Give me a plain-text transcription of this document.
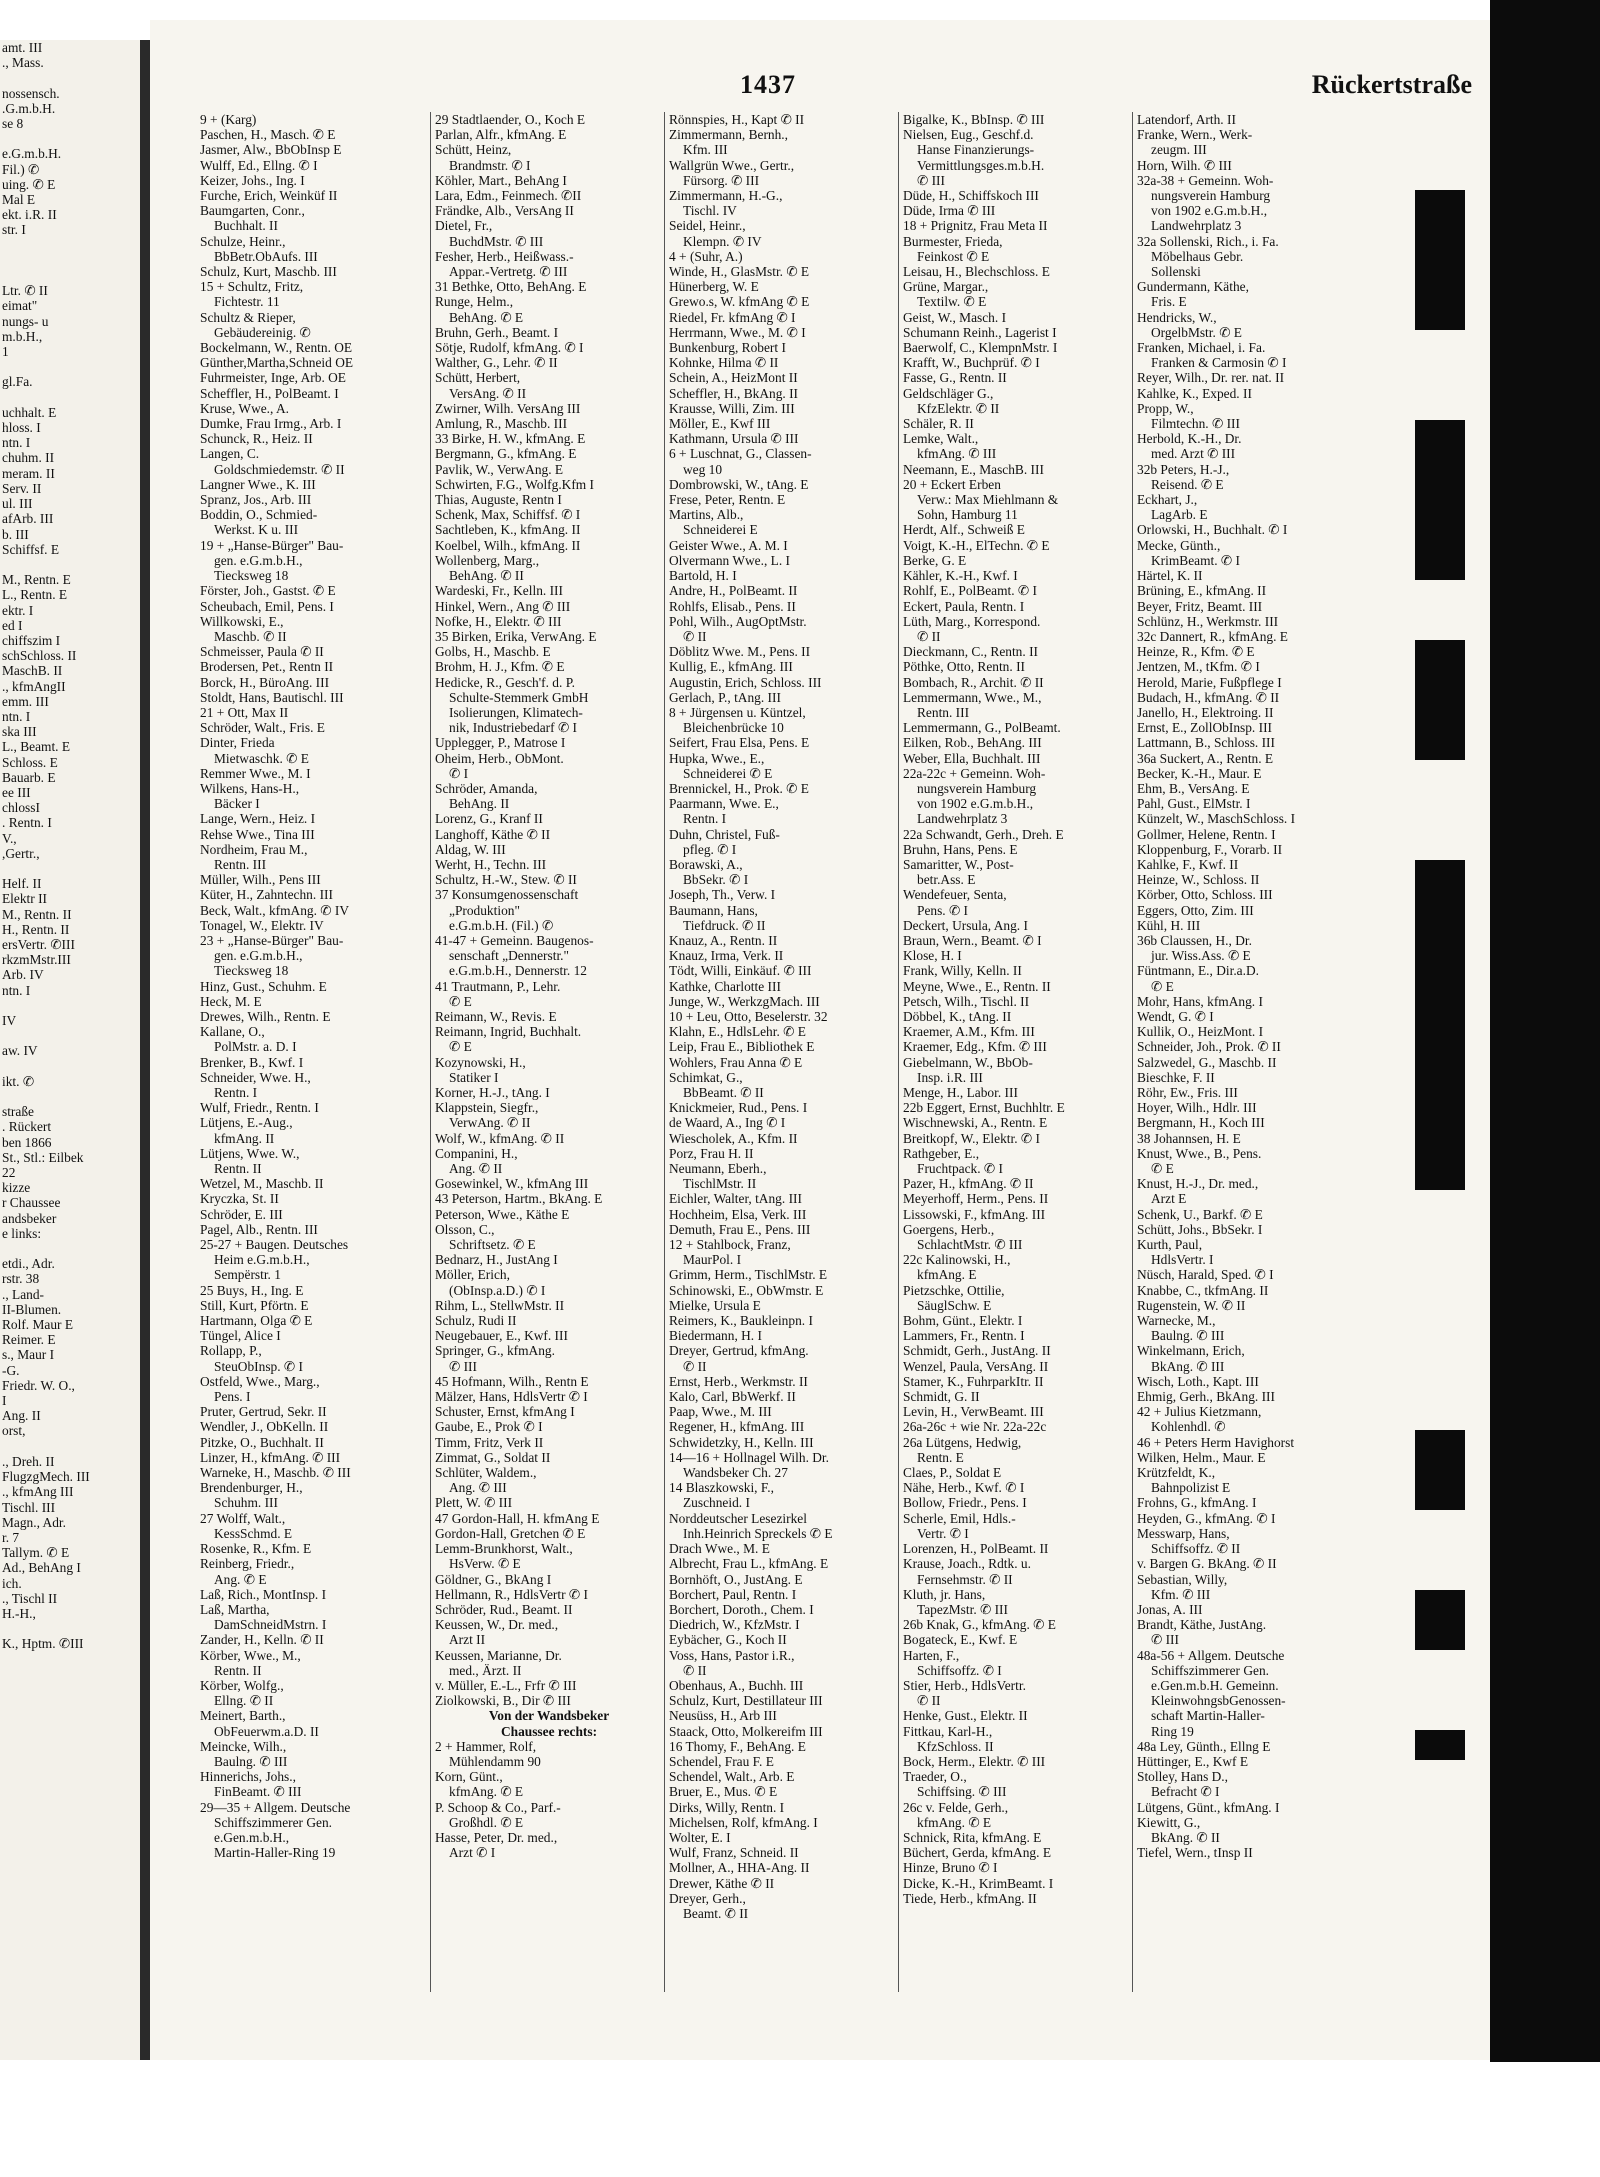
amt. III
., Mass.

nossensch.
.G.m.b.H.
se 8

e.G.m.b.H.
Fil.) ✆
uing. ✆ E
Mal E
ekt. i.R. II
str. I

Ltr. ✆ II
eimat"
nungs- u
m.b.H.,
1

gl.Fa.

uchhalt. E
hloss. I
ntn. I
chuhm. II
meram. II
Serv. II
ul. III
afArb. III
b. III
Schiffsf. E

M., Rentn. E
L., Rentn. E
ektr. I
ed I
chiffszim I
schSchloss. II
MaschB. II
., kfmAngII
emm. III
ntn. I
ska III
L., Beamt. E
Schloss. E
Bauarb. E
ee III
chlossI
. Rentn. I
V.,
,Gertr.,

Helf. II
Elektr II
M., Rentn. II
H., Rentn. II
ersVertr. ✆III
rkzmMstr.III
Arb. IV
ntn. I

IV

aw. IV

ikt. ✆

straße
. Rückert
ben 1866
St., Stl.: Eilbek
22
kizze
r Chaussee
andsbeker
e links:

etdi., Adr.
rstr. 38
., Land-
II-Blumen.
Rolf. Maur E
Reimer. E
s., Maur I
-G.
Friedr. W. O.,
I
Ang. II
orst,

., Dreh. II
FlugzgMech. III
., kfmAng III
Tischl. III
Magn., Adr.
r. 7
Tallym. ✆ E
Ad., BehAng I
ich.
., Tischl II
H.-H.,

K., Hptm. ✆III
1437	Rückertstraße
9 + (Karg)
Paschen, H., Masch. ✆ E
Jasmer, Alw., BbObInsp E
Wulff, Ed., Ellng. ✆ I
Keizer, Johs., Ing. I
Furche, Erich, Weinküf II
Baumgarten, Conr.,
Buchhalt. II
Schulze, Heinr.,
BbBetr.ObAufs. III
Schulz, Kurt, Maschb. III
15 + Schultz, Fritz,
Fichtestr. 11
Schultz & Rieper,
Gebäudereinig. ✆
Bockelmann, W., Rentn. OE
Günther,Martha,Schneid OE
Fuhrmeister, Inge, Arb. OE
Scheffler, H., PolBeamt. I
Kruse, Wwe., A.
Dumke, Frau Irmg., Arb. I
Schunck, R., Heiz. II
Langen, C.
Goldschmiedemstr. ✆ II
Langner Wwe., K. III
Spranz, Jos., Arb. III
Boddin, O., Schmied-
Werkst. K u. III
19 + „Hanse-Bürger" Bau-
gen. e.G.m.b.H.,
Tiecksweg 18
Förster, Joh., Gastst. ✆ E
Scheubach, Emil, Pens. I
Willkowski, E.,
Maschb. ✆ II
Schmeisser, Paula ✆ II
Brodersen, Pet., Rentn II
Borck, H., BüroAng. III
Stoldt, Hans, Bautischl. III
21 + Ott, Max II
Schröder, Walt., Fris. E
Dinter, Frieda
Mietwaschk. ✆ E
Remmer Wwe., M. I
Wilkens, Hans-H.,
Bäcker I
Lange, Wern., Heiz. I
Rehse Wwe., Tina III
Nordheim, Frau M.,
Rentn. III
Müller, Wilh., Pens III
Küter, H., Zahntechn. III
Beck, Walt., kfmAng. ✆ IV
Tonagel, W., Elektr. IV
23 + „Hanse-Bürger" Bau-
gen. e.G.m.b.H.,
Tiecksweg 18
Hinz, Gust., Schuhm. E
Heck, M. E
Drewes, Wilh., Rentn. E
Kallane, O.,
PolMstr. a. D. I
Brenker, B., Kwf. I
Schneider, Wwe. H.,
Rentn. I
Wulf, Friedr., Rentn. I
Lütjens, E.-Aug.,
kfmAng. II
Lütjens, Wwe. W.,
Rentn. II
Wetzel, M., Maschb. II
Kryczka, St. II
Schröder, E. III
Pagel, Alb., Rentn. III
25-27 + Baugen. Deutsches
Heim e.G.m.b.H.,
Sempërstr. 1
25 Buys, H., Ing. E
Still, Kurt, Pförtn. E
Hartmann, Olga ✆ E
Tüngel, Alice I
Rollapp, P.,
SteuObInsp. ✆ I
Ostfeld, Wwe., Marg.,
Pens. I
Pruter, Gertrud, Sekr. II
Wendler, J., ObKelln. II
Pitzke, O., Buchhalt. II
Linzer, H., kfmAng. ✆ III
Warneke, H., Maschb. ✆ III
Brendenburger, H.,
Schuhm. III
27 Wolff, Walt.,
KessSchmd. E
Rosenke, R., Kfm. E
Reinberg, Friedr.,
Ang. ✆ E
Laß, Rich., MontInsp. I
Laß, Martha,
DamSchneidMstrn. I
Zander, H., Kelln. ✆ II
Körber, Wwe., M.,
Rentn. II
Körber, Wolfg.,
Ellng. ✆ II
Meinert, Barth.,
ObFeuerwm.a.D. II
Meincke, Wilh.,
Baulng. ✆ III
Hinnerichs, Johs.,
FinBeamt. ✆ III
29—35 + Allgem. Deutsche
Schiffszimmerer Gen.
e.Gen.m.b.H.,
Martin-Haller-Ring 19
29 Stadtlaender, O., Koch E
Parlan, Alfr., kfmAng. E
Schütt, Heinz,
Brandmstr. ✆ I
Köhler, Mart., BehAng I
Lara, Edm., Feinmech. ✆II
Frändke, Alb., VersAng II
Dietel, Fr.,
BuchdMstr. ✆ III
Fesher, Herb., Heißwass.-
Appar.-Vertretg. ✆ III
31 Bethke, Otto, BehAng. E
Runge, Helm.,
BehAng. ✆ E
Bruhn, Gerh., Beamt. I
Sötje, Rudolf, kfmAng. ✆ I
Walther, G., Lehr. ✆ II
Schütt, Herbert,
VersAng. ✆ II
Zwirner, Wilh. VersAng III
Amlung, R., Maschb. III
33 Birke, H. W., kfmAng. E
Bergmann, G., kfmAng. E
Pavlik, W., VerwAng. E
Schwirten, F.G., Wolfg.Kfm I
Thias, Auguste, Rentn I
Schenk, Max, Schiffsf. ✆ I
Sachtleben, K., kfmAng. II
Koelbel, Wilh., kfmAng. II
Wollenberg, Marg.,
BehAng. ✆ II
Wardeski, Fr., Kelln. III
Hinkel, Wern., Ang ✆ III
Nofke, H., Elektr. ✆ III
35 Birken, Erika, VerwAng. E
Golbs, H., Maschb. E
Brohm, H. J., Kfm. ✆ E
Hedicke, R., Gesch'f. d. P.
Schulte-Stemmerk GmbH
Isolierungen, Klimatech-
nik, Industriebedarf ✆ I
Upplegger, P., Matrose I
Oheim, Herb., ObMont.
✆ I
Schröder, Amanda,
BehAng. II
Lorenz, G., Kranf II
Langhoff, Käthe ✆ II
Aldag, W. III
Werht, H., Techn. III
Schultz, H.-W., Stew. ✆ II
37 Konsumgenossenschaft
„Produktion"
e.G.m.b.H. (Fil.) ✆
41-47 + Gemeinn. Baugenos-
senschaft „Dennerstr."
e.G.m.b.H., Dennerstr. 12
41 Trautmann, P., Lehr.
✆ E
Reimann, W., Revis. E
Reimann, Ingrid, Buchhalt.
✆ E
Kozynowski, H.,
Statiker I
Korner, H.-J., tAng. I
Klappstein, Siegfr.,
VerwAng. ✆ II
Wolf, W., kfmAng. ✆ II
Companini, H.,
Ang. ✆ II
Gosewinkel, W., kfmAng III
43 Peterson, Hartm., BkAng. E
Peterson, Wwe., Käthe E
Olsson, C.,
Schriftsetz. ✆ E
Bednarz, H., JustAng I
Möller, Erich,
(ObInsp.a.D.) ✆ I
Rihm, L., StellwMstr. II
Schulz, Rudi II
Neugebauer, E., Kwf. III
Springer, G., kfmAng.
✆ III
45 Hofmann, Wilh., Rentn E
Mälzer, Hans, HdlsVertr ✆ I
Schuster, Ernst, kfmAng I
Gaube, E., Prok ✆ I
Timm, Fritz, Verk II
Zimmat, G., Soldat II
Schlüter, Waldem.,
Ang. ✆ III
Plett, W. ✆ III
47 Gordon-Hall, H. kfmAng E
Gordon-Hall, Gretchen ✆ E
Lemm-Brunkhorst, Walt.,
HsVerw. ✆ E
Göldner, G., BkAng I
Hellmann, R., HdlsVertr ✆ I
Schröder, Rud., Beamt. II
Keussen, W., Dr. med.,
Arzt II
Keussen, Marianne, Dr.
med., Ärzt. II
v. Müller, E.-L., Frfr ✆ III
Ziolkowski, B., Dir ✆ III
Von der Wandsbeker
Chaussee rechts:
2 + Hammer, Rolf,
Mühlendamm 90
Korn, Günt.,
kfmAng. ✆ E
P. Schoop & Co., Parf.-
Großhdl. ✆ E
Hasse, Peter, Dr. med.,
Arzt ✆ I
Rönnspies, H., Kapt ✆ II
Zimmermann, Bernh.,
Kfm. III
Wallgrün Wwe., Gertr.,
Fürsorg. ✆ III
Zimmermann, H.-G.,
Tischl. IV
Seidel, Heinr.,
Klempn. ✆ IV
4 + (Suhr, A.)
Winde, H., GlasMstr. ✆ E
Hünerberg, W. E
Grewo.s, W. kfmAng ✆ E
Riedel, Fr. kfmAng ✆ I
Herrmann, Wwe., M. ✆ I
Bunkenburg, Robert I
Kohnke, Hilma ✆ II
Schein, A., HeizMont II
Scheffler, H., BkAng. II
Krausse, Willi, Zim. III
Möller, E., Kwf III
Kathmann, Ursula ✆ III
6 + Luschnat, G., Classen-
weg 10
Dombrowski, W., tAng. E
Frese, Peter, Rentn. E
Martins, Alb.,
Schneiderei E
Geister Wwe., A. M. I
Olvermann Wwe., L. I
Bartold, H. I
Andre, H., PolBeamt. II
Rohlfs, Elisab., Pens. II
Pohl, Wilh., AugOptMstr.
✆ II
Döblitz Wwe. M., Pens. II
Kullig, E., kfmAng. III
Augustin, Erich, Schloss. III
Gerlach, P., tAng. III
8 + Jürgensen u. Küntzel,
Bleichenbrücke 10
Seifert, Frau Elsa, Pens. E
Hupka, Wwe., E.,
Schneiderei ✆ E
Brennickel, H., Prok. ✆ E
Paarmann, Wwe. E.,
Rentn. I
Duhn, Christel, Fuß-
pfleg. ✆ I
Borawski, A.,
BbSekr. ✆ I
Joseph, Th., Verw. I
Baumann, Hans,
Tiefdruck. ✆ II
Knauz, A., Rentn. II
Knauz, Irma, Verk. II
Tödt, Willi, Einkäuf. ✆ III
Kathke, Charlotte III
Junge, W., WerkzgMach. III
10 + Leu, Otto, Beselerstr. 32
Klahn, E., HdlsLehr. ✆ E
Leip, Frau E., Bibliothek E
Wohlers, Frau Anna ✆ E
Schimkat, G.,
BbBeamt. ✆ II
Knickmeier, Rud., Pens. I
de Waard, A., Ing ✆ I
Wiescholek, A., Kfm. II
Porz, Frau H. II
Neumann, Eberh.,
TischlMstr. II
Eichler, Walter, tAng. III
Hochheim, Elsa, Verk. III
Demuth, Frau E., Pens. III
12 + Stahlbock, Franz,
MaurPol. I
Grimm, Herm., TischlMstr. E
Schinowski, E., ObWmstr. E
Mielke, Ursula E
Reimers, K., Baukleinpn. I
Biedermann, H. I
Dreyer, Gertrud, kfmAng.
✆ II
Ernst, Herb., Werkmstr. II
Kalo, Carl, BbWerkf. II
Paap, Wwe., M. III
Regener, H., kfmAng. III
Schwidetzky, H., Kelln. III
14—16 + Hollnagel Wilh. Dr.
Wandsbeker Ch. 27
14 Blaszkowski, F.,
Zuschneid. I
Norddeutscher Lesezirkel
Inh.Heinrich Spreckels ✆ E
Drach Wwe., M. E
Albrecht, Frau L., kfmAng. E
Bornhöft, O., JustAng. E
Borchert, Paul, Rentn. I
Borchert, Doroth., Chem. I
Diedrich, W., KfzMstr. I
Eybächer, G., Koch II
Voss, Hans, Pastor i.R.,
✆ II
Obenhaus, A., Buchh. III
Schulz, Kurt, Destillateur III
Neusüss, H., Arb III
Staack, Otto, Molkereifm III
16 Thomy, F., BehAng. E
Schendel, Frau F. E
Schendel, Walt., Arb. E
Bruer, E., Mus. ✆ E
Dirks, Willy, Rentn. I
Michelsen, Rolf, kfmAng. I
Wolter, E. I
Wulf, Franz, Schneid. II
Mollner, A., HHA-Ang. II
Drewer, Käthe ✆ II
Dreyer, Gerh.,
Beamt. ✆ II
Bigalke, K., BbInsp. ✆ III
Nielsen, Eug., Geschf.d.
Hanse Finanzierungs-
Vermittlungsges.m.b.H.
✆ III
Düde, H., Schiffskoch III
Düde, Irma ✆ III
18 + Prignitz, Frau Meta II
Burmester, Frieda,
Feinkost ✆ E
Leisau, H., Blechschloss. E
Grüne, Margar.,
Textilw. ✆ E
Geist, W., Masch. I
Schumann Reinh., Lagerist I
Baerwolf, C., KlempnMstr. I
Krafft, W., Buchprüf. ✆ I
Fasse, G., Rentn. II
Geldschläger G.,
KfzElektr. ✆ II
Schäler, R. II
Lemke, Walt.,
kfmAng. ✆ III
Neemann, E., MaschB. III
20 + Eckert Erben
Verw.: Max Miehlmann &
Sohn, Hamburg 11
Herdt, Alf., Schweiß E
Voigt, K.-H., ElTechn. ✆ E
Berke, G. E
Kähler, K.-H., Kwf. I
Rohlf, E., PolBeamt. ✆ I
Eckert, Paula, Rentn. I
Lüth, Marg., Korrespond.
✆ II
Dieckmann, C., Rentn. II
Pöthke, Otto, Rentn. II
Bombach, R., Archit. ✆ II
Lemmermann, Wwe., M.,
Rentn. III
Lemmermann, G., PolBeamt.
Eilken, Rob., BehAng. III
Weber, Ella, Buchhalt. III
22a-22c + Gemeinn. Woh-
nungsverein Hamburg
von 1902 e.G.m.b.H.,
Landwehrplatz 3
22a Schwandt, Gerh., Dreh. E
Bruhn, Hans, Pens. E
Samaritter, W., Post-
betr.Ass. E
Wendefeuer, Senta,
Pens. ✆ I
Deckert, Ursula, Ang. I
Braun, Wern., Beamt. ✆ I
Klose, H. I
Frank, Willy, Kelln. II
Meyne, Wwe., E., Rentn. II
Petsch, Wilh., Tischl. II
Döbbel, K., tAng. II
Kraemer, A.M., Kfm. III
Kraemer, Edg., Kfm. ✆ III
Giebelmann, W., BbOb-
Insp. i.R. III
Menge, H., Labor. III
22b Eggert, Ernst, Buchhltr. E
Wischnewski, A., Rentn. E
Breitkopf, W., Elektr. ✆ I
Rathgeber, E.,
Fruchtpack. ✆ I
Pazer, H., kfmAng. ✆ II
Meyerhoff, Herm., Pens. II
Lissowski, F., kfmAng. III
Goergens, Herb.,
SchlachtMstr. ✆ III
22c Kalinowski, H.,
kfmAng. E
Pietzschke, Ottilie,
SäuglSchw. E
Bohm, Günt., Elektr. I
Lammers, Fr., Rentn. I
Schmidt, Gerh., JustAng. II
Wenzel, Paula, VersAng. II
Stamer, K., FuhrparkItr. II
Schmidt, G. II
Levin, H., VerwBeamt. III
26a-26c + wie Nr. 22a-22c
26a Lütgens, Hedwig,
Rentn. E
Claes, P., Soldat E
Nähe, Herb., Kwf. ✆ I
Bollow, Friedr., Pens. I
Scherle, Emil, Hdls.-
Vertr. ✆ I
Lorenzen, H., PolBeamt. II
Krause, Joach., Rdtk. u.
Fernsehmstr. ✆ II
Kluth, jr. Hans,
TapezMstr. ✆ III
26b Knak, G., kfmAng. ✆ E
Bogateck, E., Kwf. E
Harten, F.,
Schiffsoffz. ✆ I
Stier, Herb., HdlsVertr.
✆ II
Henke, Gust., Elektr. II
Fittkau, Karl-H.,
KfzSchloss. II
Bock, Herm., Elektr. ✆ III
Traeder, O.,
Schiffsing. ✆ III
26c v. Felde, Gerh.,
kfmAng. ✆ E
Schnick, Rita, kfmAng. E
Büchert, Gerda, kfmAng. E
Hinze, Bruno ✆ I
Dicke, K.-H., KrimBeamt. I
Tiede, Herb., kfmAng. II
Latendorf, Arth. II
Franke, Wern., Werk-
zeugm. III
Horn, Wilh. ✆ III
32a-38 + Gemeinn. Woh-
nungsverein Hamburg
von 1902 e.G.m.b.H.,
Landwehrplatz 3
32a Sollenski, Rich., i. Fa.
Möbelhaus Gebr.
Sollenski
Gundermann, Käthe,
Fris. E
Hendricks, W.,
OrgelbMstr. ✆ E
Franken, Michael, i. Fa.
Franken & Carmosin ✆ I
Reyer, Wilh., Dr. rer. nat. II
Kahlke, K., Exped. II
Propp, W.,
Filmtechn. ✆ III
Herbold, K.-H., Dr.
med. Arzt ✆ III
32b Peters, H.-J.,
Reisend. ✆ E
Eckhart, J.,
LagArb. E
Orlowski, H., Buchhalt. ✆ I
Mecke, Günth.,
KrimBeamt. ✆ I
Härtel, K. II
Brüning, E., kfmAng. II
Beyer, Fritz, Beamt. III
Schlünz, H., Werkmstr. III
32c Dannert, R., kfmAng. E
Heinze, R., Kfm. ✆ E
Jentzen, M., tKfm. ✆ I
Herold, Marie, Fußpflege I
Budach, H., kfmAng. ✆ II
Janello, H., Elektroing. II
Ernst, E., ZollObInsp. III
Lattmann, B., Schloss. III
36a Suckert, A., Rentn. E
Becker, K.-H., Maur. E
Ehm, B., VersAng. E
Pahl, Gust., ElMstr. I
Künzelt, W., MaschSchloss. I
Gollmer, Helene, Rentn. I
Kloppenburg, F., Vorarb. II
Kahlke, F., Kwf. II
Heinze, W., Schloss. II
Körber, Otto, Schloss. III
Eggers, Otto, Zim. III
Kühl, H. III
36b Claussen, H., Dr.
jur. Wiss.Ass. ✆ E
Füntmann, E., Dir.a.D.
✆ E
Mohr, Hans, kfmAng. I
Wendt, G. ✆ I
Kullik, O., HeizMont. I
Schneider, Joh., Prok. ✆ II
Salzwedel, G., Maschb. II
Bieschke, F. II
Röhr, Ew., Fris. III
Hoyer, Wilh., Hdlr. III
Bergmann, H., Koch III
38 Johannsen, H. E
Knust, Wwe., B., Pens.
✆ E
Knust, H.-J., Dr. med.,
Arzt E
Schenk, U., Barkf. ✆ E
Schütt, Johs., BbSekr. I
Kurth, Paul,
HdlsVertr. I
Nüsch, Harald, Sped. ✆ I
Knabbe, C., tkfmAng. II
Rugenstein, W. ✆ II
Warnecke, M.,
Baulng. ✆ III
Winkelmann, Erich,
BkAng. ✆ III
Wisch, Loth., Kapt. III
Ehmig, Gerh., BkAng. III
42 + Julius Kietzmann,
Kohlenhdl. ✆
46 + Peters Herm Havighorst
Wilken, Helm., Maur. E
Krützfeldt, K.,
Bahnpolizist E
Frohns, G., kfmAng. I
Heyden, G., kfmAng. ✆ I
Messwarp, Hans,
Schiffsoffz. ✆ II
v. Bargen G. BkAng. ✆ II
Sebastian, Willy,
Kfm. ✆ III
Jonas, A. III
Brandt, Käthe, JustAng.
✆ III
48a-56 + Allgem. Deutsche
Schiffszimmerer Gen.
e.Gen.m.b.H. Gemeinn.
KleinwohngsbGenossen-
schaft Martin-Haller-
Ring 19
48a Ley, Günth., Ellng E
Hüttinger, E., Kwf E
Stolley, Hans D.,
Befracht ✆ I
Lütgens, Günt., kfmAng. I
Kiewitt, G.,
BkAng. ✆ II
Tiefel, Wern., tInsp II
